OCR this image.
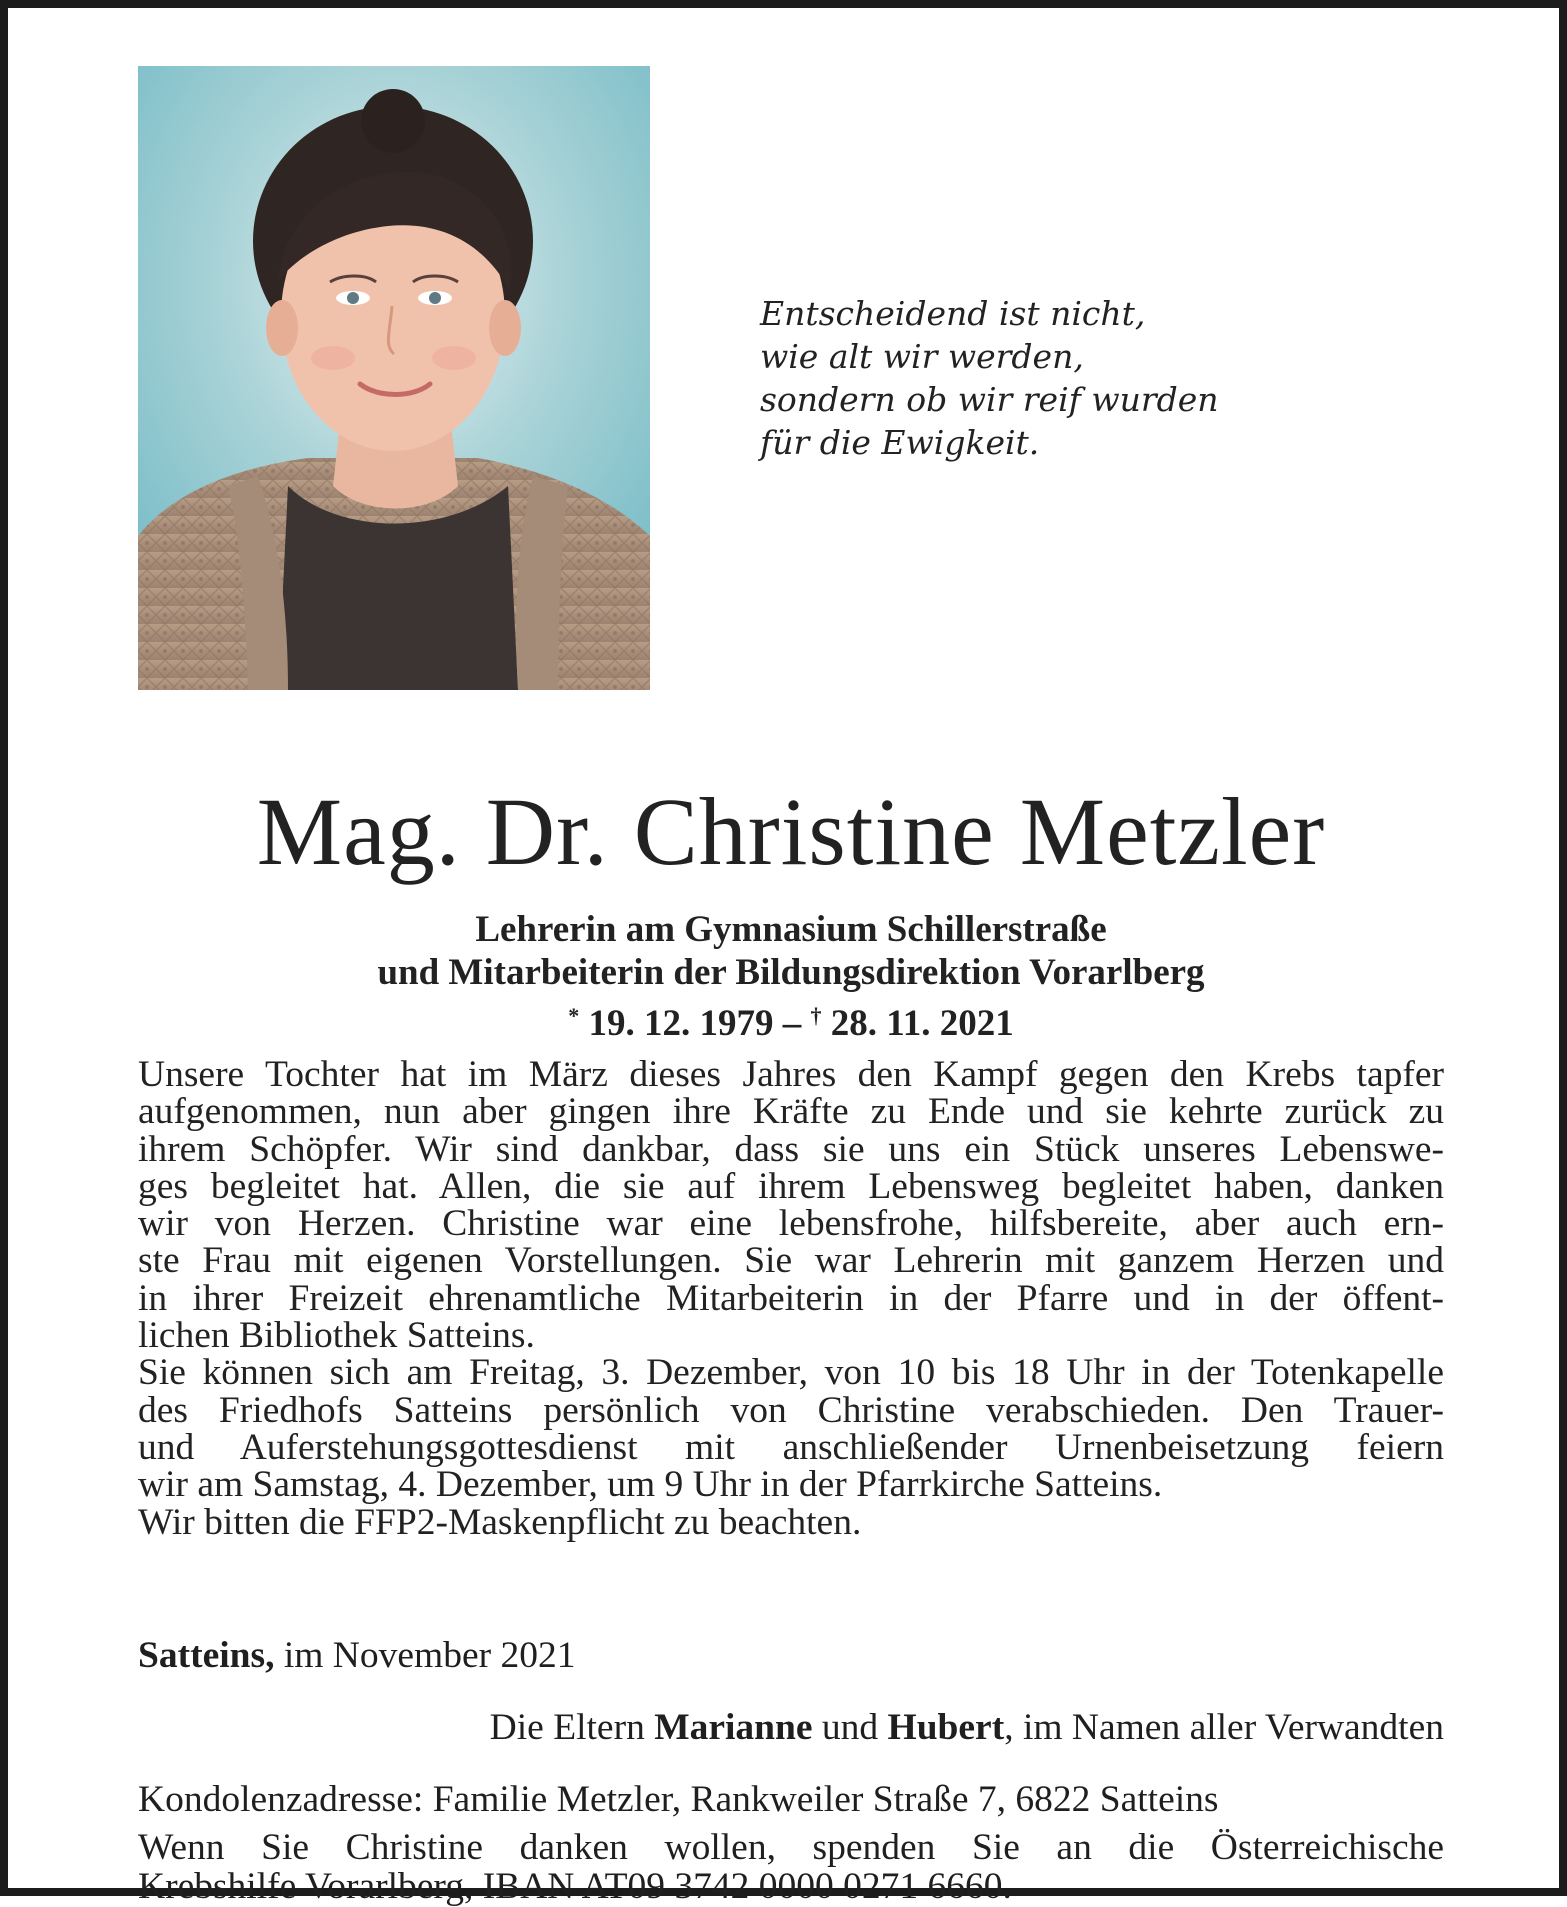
Entscheidend ist nicht,
wie alt wir werden,
sondern ob wir reif wurden
für die Ewigkeit.
Mag. Dr. Christine Metzler
Lehrerin am Gymnasium Schillerstraße
und Mitarbeiterin der Bildungsdirektion Vorarlberg
* 19. 12. 1979 – † 28. 11. 2021
Unsere Tochter hat im März dieses Jahres den Kampf gegen den Krebs tapfer
aufgenommen, nun aber gingen ihre Kräfte zu Ende und sie kehrte zurück zu
ihrem Schöpfer. Wir sind dankbar, dass sie uns ein Stück unseres Lebenswe-
ges begleitet hat. Allen, die sie auf ihrem Lebensweg begleitet haben, danken
wir von Herzen. Christine war eine lebensfrohe, hilfsbereite, aber auch ern-
ste Frau mit eigenen Vorstellungen. Sie war Lehrerin mit ganzem Herzen und
in ihrer Freizeit ehrenamtliche Mitarbeiterin in der Pfarre und in der öffent-
lichen Bibliothek Satteins.
Sie können sich am Freitag, 3. Dezember, von 10 bis 18 Uhr in der Totenkapelle
des Friedhofs Satteins persönlich von Christine verabschieden. Den Trauer-
und Auferstehungsgottesdienst mit anschließender Urnenbeisetzung feiern
wir am Samstag, 4. Dezember, um 9 Uhr in der Pfarrkirche Satteins.
Wir bitten die FFP2-Maskenpflicht zu beachten.
Satteins, im November 2021
Die Eltern Marianne und Hubert, im Namen aller Verwandten
Kondolenzadresse: Familie Metzler, Rankweiler Straße 7, 6822 Satteins
Wenn Sie Christine danken wollen, spenden Sie an die Österreichische
Krebshilfe Vorarlberg, IBAN AT09 3742 0000 0271 6660.
